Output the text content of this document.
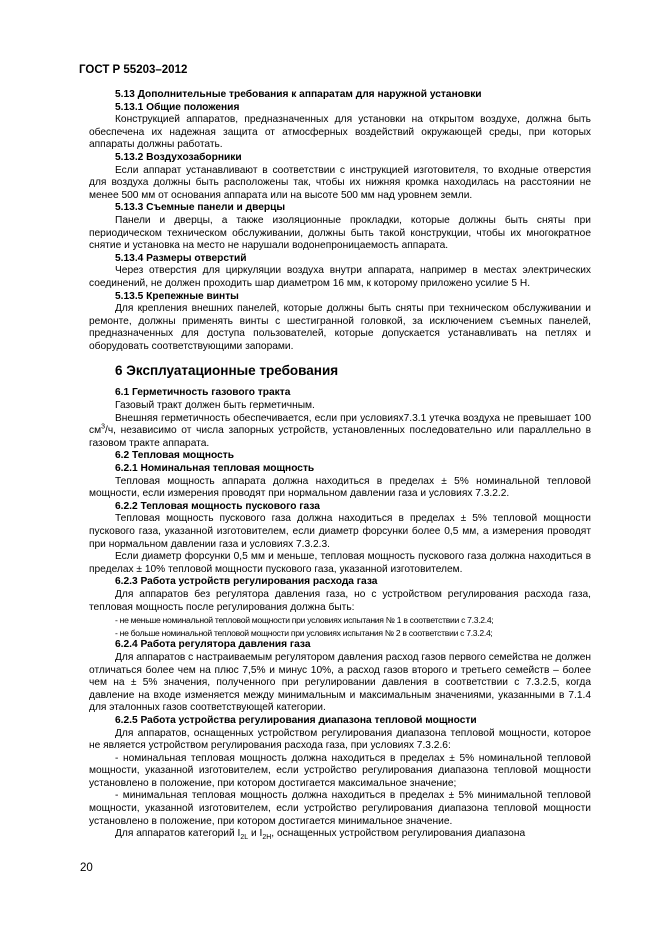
ГОСТ Р 55203–2012

5.13 Дополнительные требования к аппаратам для наружной установки

5.13.1 Общие положения

Конструкцией аппаратов, предназначенных для установки на открытом воздухе, должна быть обеспечена их надежная защита от атмосферных воздействий окружающей среды, при которых аппараты должны работать.

5.13.2 Воздухозаборники

Если аппарат устанавливают в соответствии с инструкцией изготовителя, то входные отверстия для воздуха должны быть расположены так, чтобы их нижняя кромка находилась на расстоянии не менее 500 мм от основания аппарата или на высоте 500 мм над уровнем земли.

5.13.3 Съемные панели и дверцы

Панели и дверцы, а также изоляционные прокладки, которые должны быть сняты при периодическом техническом обслуживании, должны быть такой конструкции, чтобы их многократное снятие и установка на место не нарушали водонепроницаемость аппарата.

5.13.4 Размеры отверстий

Через отверстия для циркуляции воздуха внутри аппарата, например в местах электрических соединений, не должен проходить шар диаметром 16 мм, к которому приложено усилие 5 Н.

5.13.5 Крепежные винты

Для крепления внешних панелей, которые должны быть сняты при техническом обслуживании и ремонте, должны применять винты с шестигранной головкой, за исключением съемных панелей, предназначенных для доступа пользователей, которые допускается устанавливать на петлях и оборудовать соответствующими запорами.

6 Эксплуатационные требования

6.1 Герметичность газового тракта

Газовый тракт должен быть герметичным.

Внешняя герметичность обеспечивается, если при условиях7.3.1 утечка воздуха не превышает 100 $см^3/ч$, независимо от числа запорных устройств, установленных последовательно или параллельно в газовом тракте аппарата.

6.2 Тепловая мощность

6.2.1 Номинальная тепловая мощность

Тепловая мощность аппарата должна находиться в пределах ± 5% номинальной тепловой мощности, если измерения проводят при нормальном давлении газа и условиях 7.3.2.2.

6.2.2 Тепловая мощность пускового газа

Тепловая мощность пускового газа должна находиться в пределах ± 5% тепловой мощности пускового газа, указанной изготовителем, если диаметр форсунки более 0,5 мм, а измерения проводят при нормальном давлении газа и условиях 7.3.2.3.

Если диаметр форсунки 0,5 мм и меньше, тепловая мощность пускового газа должна находиться в пределах ± 10% тепловой мощности пускового газа, указанной изготовителем.

6.2.3 Работа устройств регулирования расхода газа

Для аппаратов без регулятора давления газа, но с устройством регулирования расхода газа, тепловая мощность после регулирования должна быть:

- не меньше номинальной тепловой мощности при условиях испытания № 1 в соответствии с 7.3.2.4;

- не больше номинальной тепловой мощности при условиях испытания № 2 в соответствии с 7.3.2.4;

6.2.4 Работа регулятора давления газа

Для аппаратов с настраиваемым регулятором давления расход газов первого семейства не должен отличаться более чем на плюс 7,5% и минус 10%, а расход газов второго и третьего семейств – более чем на ± 5% значения, полученного при регулировании давления в соответствии с 7.3.2.5, когда давление на входе изменяется между минимальным и максимальным значениями, указанными в 7.1.4 для эталонных газов соответствующей категории.

6.2.5 Работа устройства регулирования диапазона тепловой мощности

Для аппаратов, оснащенных устройством регулирования диапазона тепловой мощности, которое не является устройством регулирования расхода газа, при условиях 7.3.2.6:

- номинальная тепловая мощность должна находиться в пределах ± 5% номинальной тепловой мощности, указанной изготовителем, если устройство регулирования диапазона тепловой мощности установлено в положение, при котором достигается максимальное значение;

- минимальная тепловая мощность должна находиться в пределах ± 5% минимальной тепловой мощности, указанной изготовителем, если устройство регулирования диапазона тепловой мощности установлено в положение, при котором достигается минимальное значение.

Для аппаратов категорий $I_{2L}$ и $I_{2H}$, оснащенных устройством регулирования диапазона

20
